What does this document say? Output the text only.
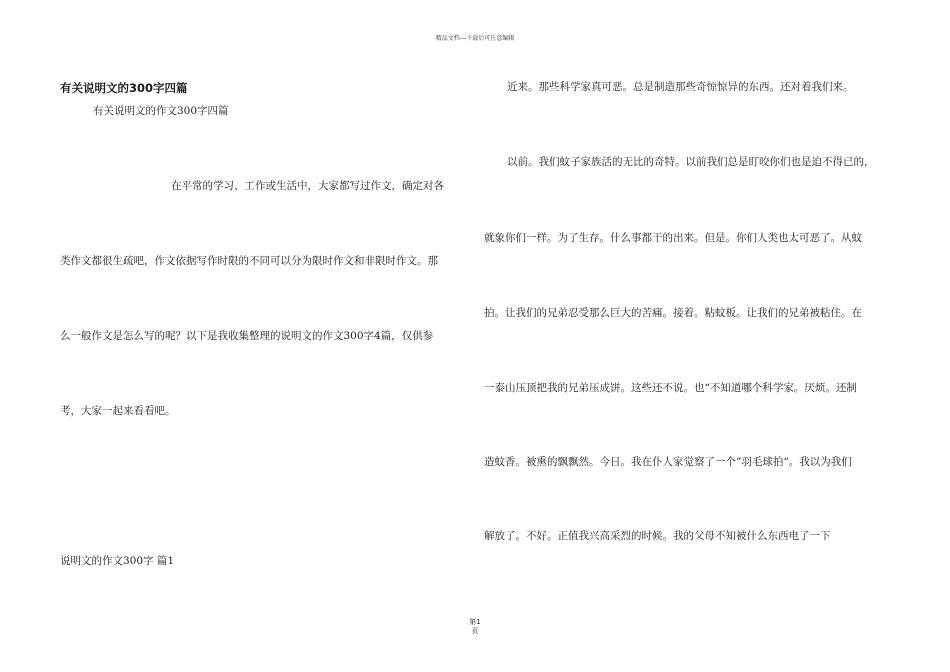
精品文档---下载后可任意编辑
有关说明文的300字四篇
有关说明文的作文300字四篇
在平常的学习、工作或生活中，大家都写过作文，确定对各
类作文都很生疏吧，作文依据写作时限的不同可以分为限时作文和非限时作文。那
么一般作文是怎么写的呢？以下是我收集整理的说明文的作文300字4篇，仅供参
考，大家一起来看看吧。
说明文的作文300字 篇1
近来。那些科学家真可恶。总是制造那些奇惊惊异的东西。还对着我们来。
以前。我们蚊子家族活的无比的奇特。以前我们总是盯咬你们也是迫不得已的，
就象你们一样。为了生存。什么事都干的出来。但是。你们人类也太可恶了。从蚊
拍。让我们的兄弟忍受那么巨大的苦痛。接着。粘蚊板。让我们的兄弟被粘住。在
一泰山压顶把我的兄弟压成饼。这些还不说。也“不知道哪个科学家。厌烦。还制
造蚊香。被熏的飘飘然。今日。我在仆人家觉察了一个”羽毛球拍“。我以为我们
解放了。不好。正值我兴高采烈的时候。我的父母不知被什么东西电了一下
第1
页
